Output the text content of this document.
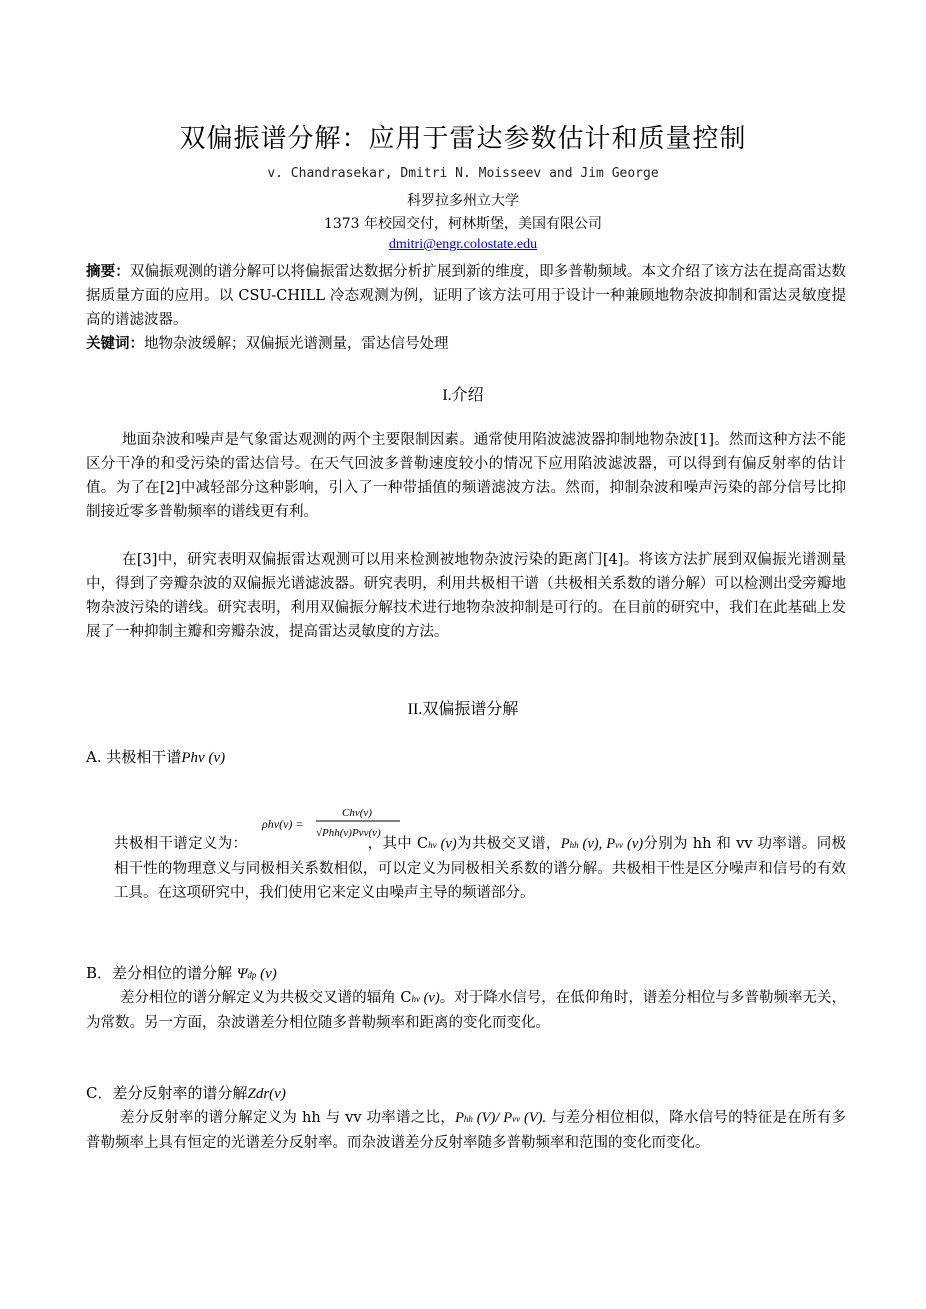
双偏振谱分解：应用于雷达参数估计和质量控制
v. Chandrasekar, Dmitri N. Moisseev and Jim George
科罗拉多州立大学
1373 年校园交付，柯林斯堡，美国有限公司
dmitri@engr.colostate.edu
摘要：双偏振观测的谱分解可以将偏振雷达数据分析扩展到新的维度，即多普勒频域。本文介绍了该方法在提高雷达数据质量方面的应用。以 CSU-CHILL 冷态观测为例，证明了该方法可用于设计一种兼顾地物杂波抑制和雷达灵敏度提高的谱滤波器。
关键词：地物杂波缓解；双偏振光谱测量，雷达信号处理
I.介绍
地面杂波和噪声是气象雷达观测的两个主要限制因素。通常使用陷波滤波器抑制地物杂波[1]。然而这种方法不能区分干净的和受污染的雷达信号。在天气回波多普勒速度较小的情况下应用陷波滤波器，可以得到有偏反射率的估计值。为了在[2]中减轻部分这种影响，引入了一种带插值的频谱滤波方法。然而，抑制杂波和噪声污染的部分信号比抑制接近零多普勒频率的谱线更有利。
在[3]中，研究表明双偏振雷达观测可以用来检测被地物杂波污染的距离门[4]。将该方法扩展到双偏振光谱测量中，得到了旁瓣杂波的双偏振光谱滤波器。研究表明，利用共极相干谱（共极相关系数的谱分解）可以检测出受旁瓣地物杂波污染的谱线。研究表明，利用双偏振分解技术进行地物杂波抑制是可行的。在目前的研究中，我们在此基础上发展了一种抑制主瓣和旁瓣杂波，提高雷达灵敏度的方法。
II.双偏振谱分解
A. 共极相干谱Phv (v)
ρhv(v) =
Chv(v)
√Phh(v)Pvv(v)
共极相干谱定义为：	，其中 Chv (v)为共极交叉谱，Phh (v), Pvv (v)分别为 hh 和 vv 功率谱。同极相干性的物理意义与同极相关系数相似，可以定义为同极相关系数的谱分解。共极相干性是区分噪声和信号的有效工具。在这项研究中，我们使用它来定义由噪声主导的频谱部分。
B．差分相位的谱分解 Ψdp (v)
差分相位的谱分解定义为共极交叉谱的辐角 Chv (v)。对于降水信号，在低仰角时，谱差分相位与多普勒频率无关，为常数。另一方面，杂波谱差分相位随多普勒频率和距离的变化而变化。
C．差分反射率的谱分解Zdr(v)
差分反射率的谱分解定义为 hh 与 vv 功率谱之比，Phh (V)/ Pvv (V). 与差分相位相似，降水信号的特征是在所有多普勒频率上具有恒定的光谱差分反射率。而杂波谱差分反射率随多普勒频率和范围的变化而变化。
